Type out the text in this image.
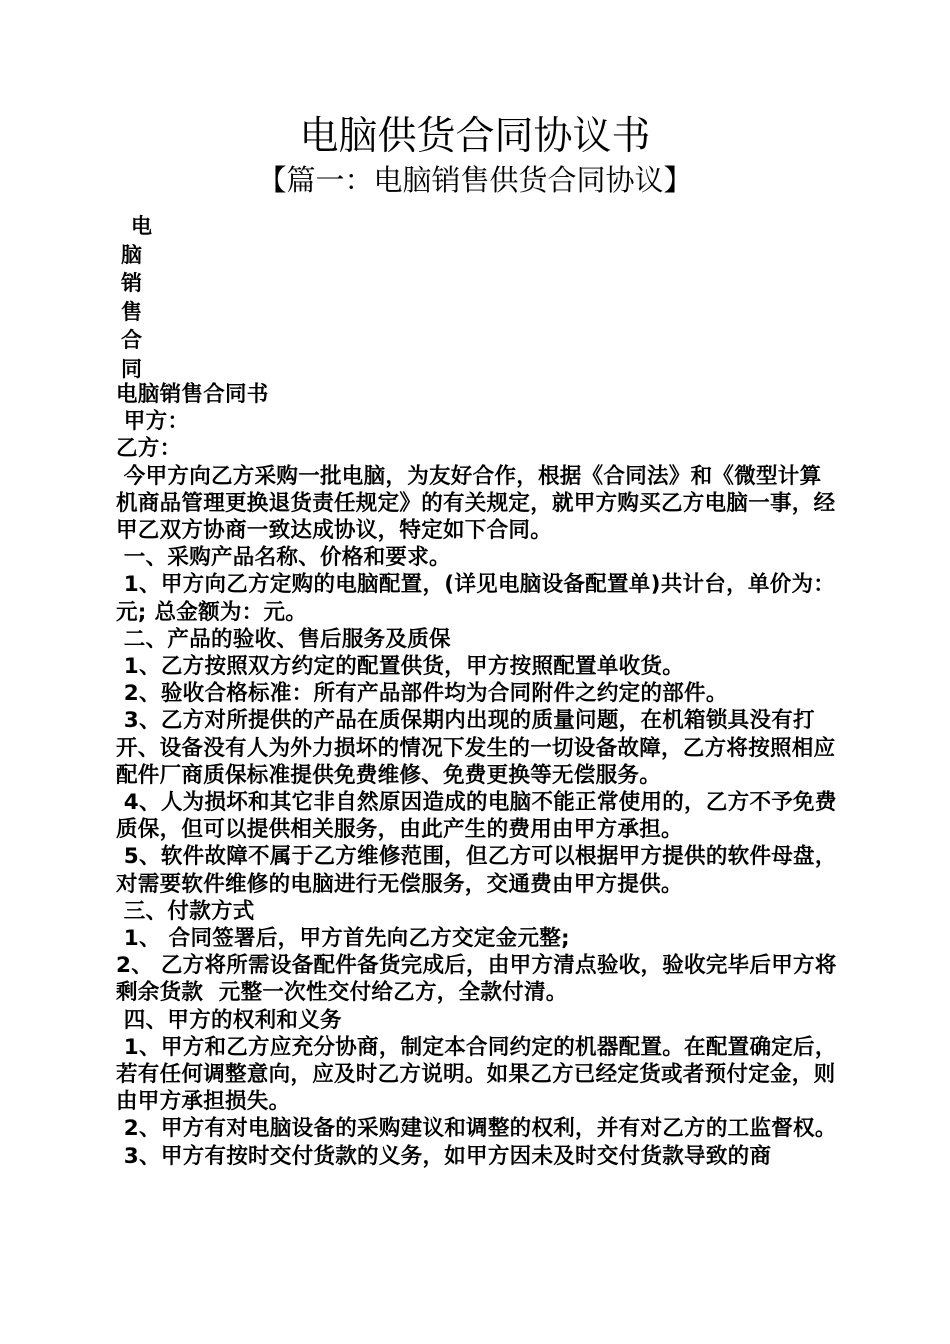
电脑供货合同协议书
【篇一：电脑销售供货合同协议】
电
脑
销
售
合
同

电脑销售合同书

甲方：

乙方：

今甲方向乙方采购一批电脑，为友好合作，根据《合同法》和《微型计算机商品管理更换退货责任规定》的有关规定，就甲方购买乙方电脑一事，经甲乙双方协商一致达成协议，特定如下合同。

一、采购产品名称、价格和要求。

1、甲方向乙方定购的电脑配置，(详见电脑设备配置单)共计台，单价为：  元; 总金额为：元。

二、产品的验收、售后服务及质保

1、乙方按照双方约定的配置供货，甲方按照配置单收货。

2、验收合格标准：所有产品部件均为合同附件之约定的部件。

3、乙方对所提供的产品在质保期内出现的质量问题，在机箱锁具没有打开、设备没有人为外力损坏的情况下发生的一切设备故障，乙方将按照相应配件厂商质保标准提供免费维修、免费更换等无偿服务。

4、人为损坏和其它非自然原因造成的电脑不能正常使用的，乙方不予免费质保，但可以提供相关服务，由此产生的费用由甲方承担。

5、软件故障不属于乙方维修范围，但乙方可以根据甲方提供的软件母盘，对需要软件维修的电脑进行无偿服务，交通费由甲方提供。

三、付款方式

1、 合同签署后，甲方首先向乙方交定金元整;

2、 乙方将所需设备配件备货完成后，由甲方清点验收，验收完毕后甲方将剩余货款  元整一次性交付给乙方，全款付清。

四、甲方的权利和义务

1、甲方和乙方应充分协商，制定本合同约定的机器配置。在配置确定后，若有任何调整意向，应及时乙方说明。如果乙方已经定货或者预付定金，则由甲方承担损失。

2、甲方有对电脑设备的采购建议和调整的权利，并有对乙方的工监督权。

3、甲方有按时交付货款的义务，如甲方因未及时交付货款导致的商
